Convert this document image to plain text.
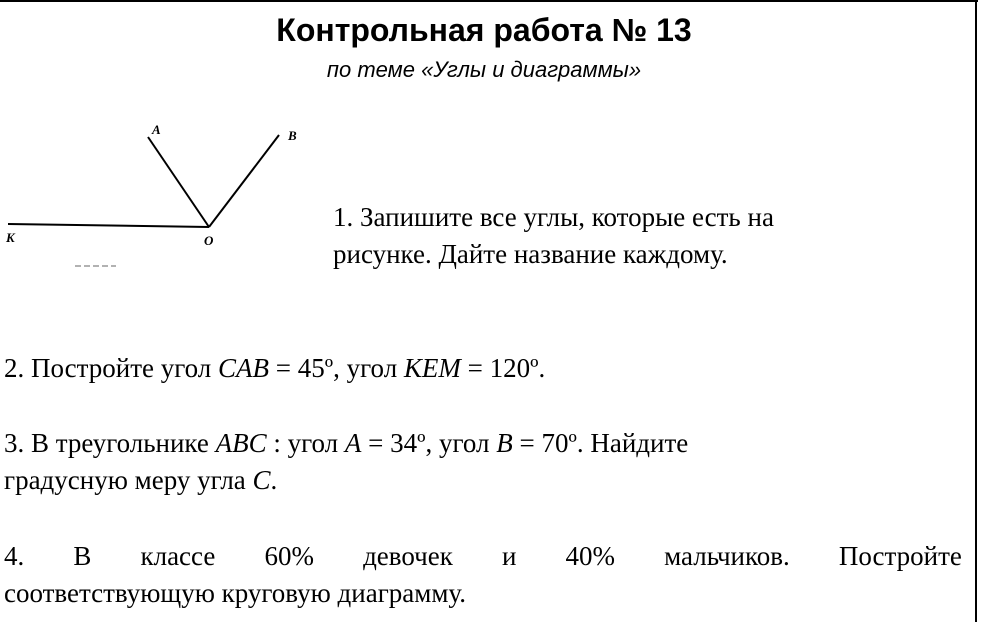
Контрольная работа № 13
по теме «Углы и диаграммы»
A	B
K	O
1. Запишите все углы, которые есть на
рисунке. Дайте название каждому.
2. Постройте угол CAB = 45º, угол KEM = 120º.
3. В треугольнике ABC : угол A = 34º, угол B = 70º. Найдите
градусную меру угла C.
4. В классе 60% девочек и 40% мальчиков. Постройте
соответствующую круговую диаграмму.
